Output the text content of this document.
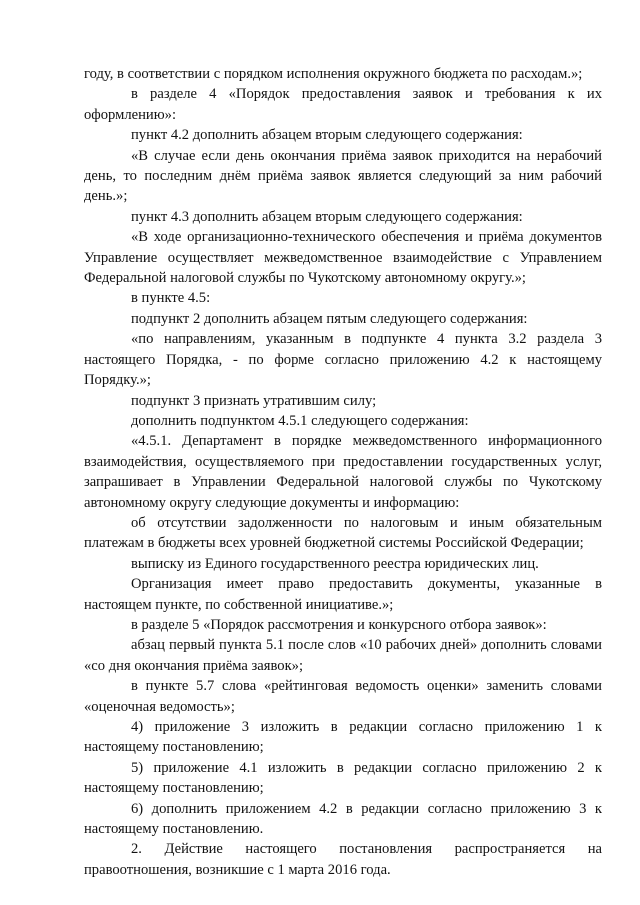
году, в соответствии с порядком исполнения окружного бюджета по расходам.»;

в разделе 4 «Порядок предоставления заявок и требования к их оформлению»:

пункт 4.2 дополнить абзацем вторым следующего содержания:

«В случае если день окончания приёма заявок приходится на нерабочий день, то последним днём приёма заявок является следующий за ним рабочий день.»;

пункт 4.3 дополнить абзацем вторым следующего содержания:

«В ходе организационно-технического обеспечения и приёма документов Управление осуществляет межведомственное взаимодействие с Управлением Федеральной налоговой службы по Чукотскому автономному округу.»;

в пункте 4.5:

подпункт 2 дополнить абзацем пятым следующего содержания:

«по направлениям, указанным в подпункте 4 пункта 3.2 раздела 3 настоящего Порядка, - по форме согласно приложению 4.2 к настоящему Порядку.»;

подпункт 3 признать утратившим силу;

дополнить подпунктом 4.5.1 следующего содержания:

«4.5.1. Департамент в порядке межведомственного информационного взаимодействия, осуществляемого при предоставлении государственных услуг, запрашивает в Управлении Федеральной налоговой службы по Чукотскому автономному округу следующие документы и информацию:

об отсутствии задолженности по налоговым и иным обязательным платежам в бюджеты всех уровней бюджетной системы Российской Федерации;

выписку из Единого государственного реестра юридических лиц.

Организация имеет право предоставить документы, указанные в настоящем пункте, по собственной инициативе.»;

в разделе 5 «Порядок рассмотрения и конкурсного отбора заявок»:

абзац первый пункта 5.1 после слов «10 рабочих дней» дополнить словами «со дня окончания приёма заявок»;

в пункте 5.7 слова «рейтинговая ведомость оценки» заменить словами «оценочная ведомость»;

4) приложение 3 изложить в редакции согласно приложению 1 к настоящему постановлению;

5) приложение 4.1 изложить в редакции согласно приложению 2 к настоящему постановлению;

6) дополнить приложением 4.2 в редакции согласно приложению 3 к настоящему постановлению.

2. Действие настоящего постановления распространяется на правоотношения, возникшие с 1 марта 2016 года.
